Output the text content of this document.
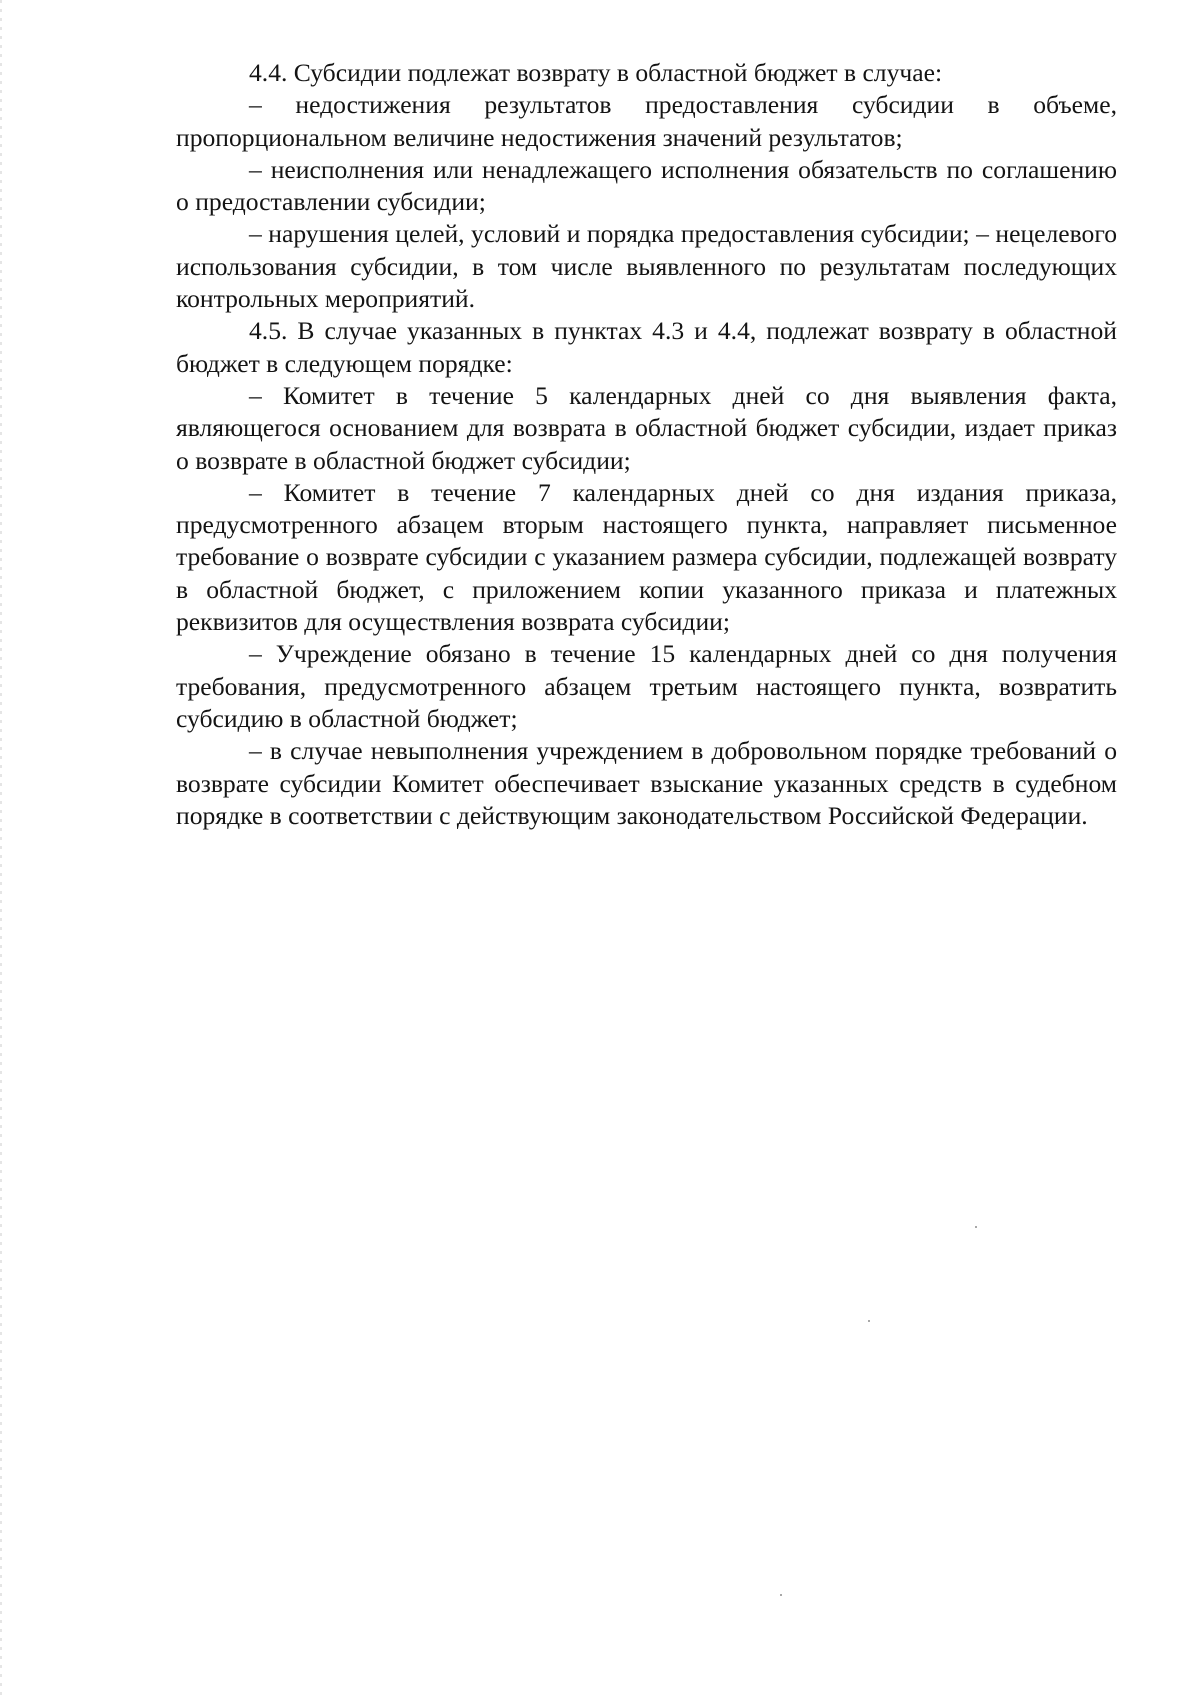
4.4. Субсидии подлежат возврату в областной бюджет в случае:

– недостижения результатов предоставления субсидии в объеме, пропорциональном величине недостижения значений результатов;

– неисполнения или ненадлежащего исполнения обязательств по соглашению о предоставлении субсидии;

– нарушения целей, условий и порядка предоставления субсидии; – нецелевого использования субсидии, в том числе выявленного по результатам последующих контрольных мероприятий.

4.5. В случае указанных в пунктах 4.3 и 4.4, подлежат возврату в областной бюджет в следующем порядке:

– Комитет в течение 5 календарных дней со дня выявления факта, являющегося основанием для возврата в областной бюджет субсидии, издает приказ о возврате в областной бюджет субсидии;

– Комитет в течение 7 календарных дней со дня издания приказа, предусмотренного абзацем вторым настоящего пункта, направляет письменное требование о возврате субсидии с указанием размера субсидии, подлежащей возврату в областной бюджет, с приложением копии указанного приказа и платежных реквизитов для осуществления возврата субсидии;

– Учреждение обязано в течение 15 календарных дней со дня получения требования, предусмотренного абзацем третьим настоящего пункта, возвратить субсидию в областной бюджет;

– в случае невыполнения учреждением в добровольном порядке требований о возврате субсидии Комитет обеспечивает взыскание указанных средств в судебном порядке в соответствии с действующим законодательством Российской Федерации.
